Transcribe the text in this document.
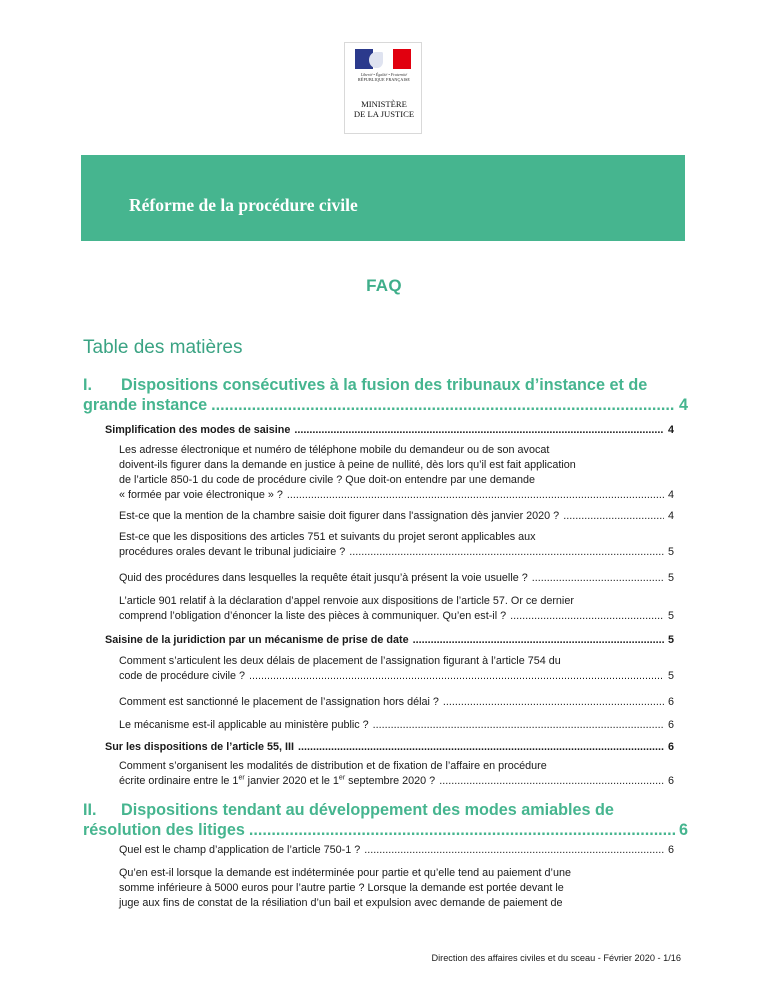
Liberté • Égalité • Fraternité
RÉPUBLIQUE FRANÇAISE
MINISTÈRE
DE LA JUSTICE
Réforme de la procédure civile
FAQ
Table des matières
I. Dispositions consécutives à la fusion des tribunaux d’instance et de
grande instance .....	4
Simplification des modes de saisine .....	4
Les adresse électronique et numéro de téléphone mobile du demandeur ou de son avocat
doivent-ils figurer dans la demande en justice à peine de nullité, dès lors qu’il est fait application
de l’article 850-1 du code de procédure civile ? Que doit-on entendre par une demande
« formée par voie électronique » ? .....	4
Est-ce que la mention de la chambre saisie doit figurer dans l'assignation dès janvier 2020 ? .....	4
Est-ce que les dispositions des articles 751 et suivants du projet seront applicables aux
procédures orales devant le tribunal judiciaire ? .....	5
Quid des procédures dans lesquelles la requête était jusqu’à présent la voie usuelle ? .....	5
L’article 901 relatif à la déclaration d’appel renvoie aux dispositions de l’article 57. Or ce dernier
comprend l’obligation d’énoncer la liste des pièces à communiquer. Qu’en est-il ? .....	5
Saisine de la juridiction par un mécanisme de prise de date .....	5
Comment s’articulent les deux délais de placement de l’assignation figurant à l’article 754 du
code de procédure civile ? .....	5
Comment est sanctionné le placement de l’assignation hors délai ? .....	6
Le mécanisme est-il applicable au ministère public ? .....	6
Sur les dispositions de l’article 55, III .....	6
Comment s’organisent les modalités de distribution et de fixation de l’affaire en procédure
écrite ordinaire entre le 1er janvier 2020 et le 1er septembre 2020 ? .....	6
II. Dispositions tendant au développement des modes amiables de
résolution des litiges .....	6
Quel est le champ d’application de l’article 750-1 ? .....	6
Qu’en est-il lorsque la demande est indéterminée pour partie et qu’elle tend au paiement d’une
somme inférieure à 5000 euros pour l’autre partie ? Lorsque la demande est portée devant le
juge aux fins de constat de la résiliation d’un bail et expulsion avec demande de paiement de
Direction des affaires civiles et du sceau - Février 2020 - 1/16
